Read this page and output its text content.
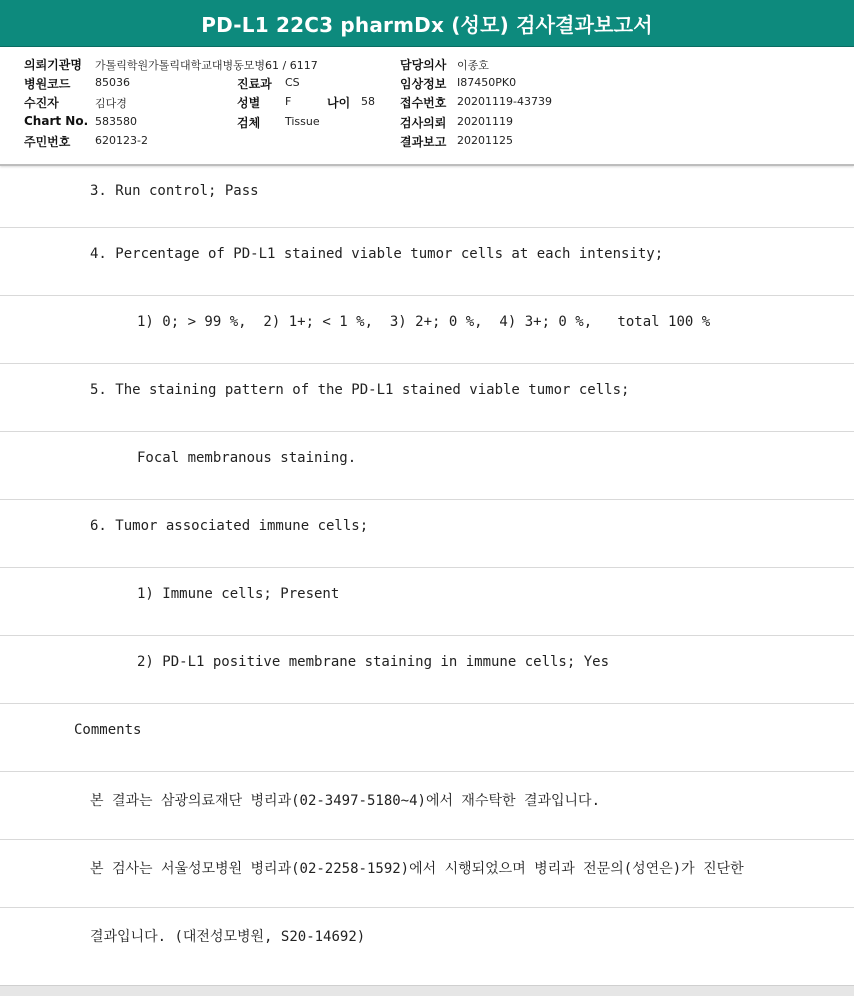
PD-L1 22C3 pharmDx (성모) 검사결과보고서
의뢰기관명 가톨릭학원가톨릭대학교대병동모병61 / 6117
병원코드 85036
수진자	김다경
Chart No. 583580
주민번호 620123-2
진료과 CS
성별 F	나이 58
검체 Tissue
담당의사 이종호
임상정보 I87450PK0
접수번호 20201119-43739
검사의뢰 20201119
결과보고 20201125
3. Run control; Pass
4. Percentage of PD-L1 stained viable tumor cells at each intensity;
1) 0; > 99 %,  2) 1+; < 1 %,  3) 2+; 0 %,  4) 3+; 0 %,   total 100 %
5. The staining pattern of the PD-L1 stained viable tumor cells;
Focal membranous staining.
6. Tumor associated immune cells;
1) Immune cells; Present
2) PD-L1 positive membrane staining in immune cells; Yes
Comments
본 결과는 삼광의료재단 병리과(02-3497-5180~4)에서 재수탁한 결과입니다.
본 검사는 서울성모병원 병리과(02-2258-1592)에서 시행되었으며 병리과 전문의(성연은)가 진단한
결과입니다. (대전성모병원, S20-14692)
